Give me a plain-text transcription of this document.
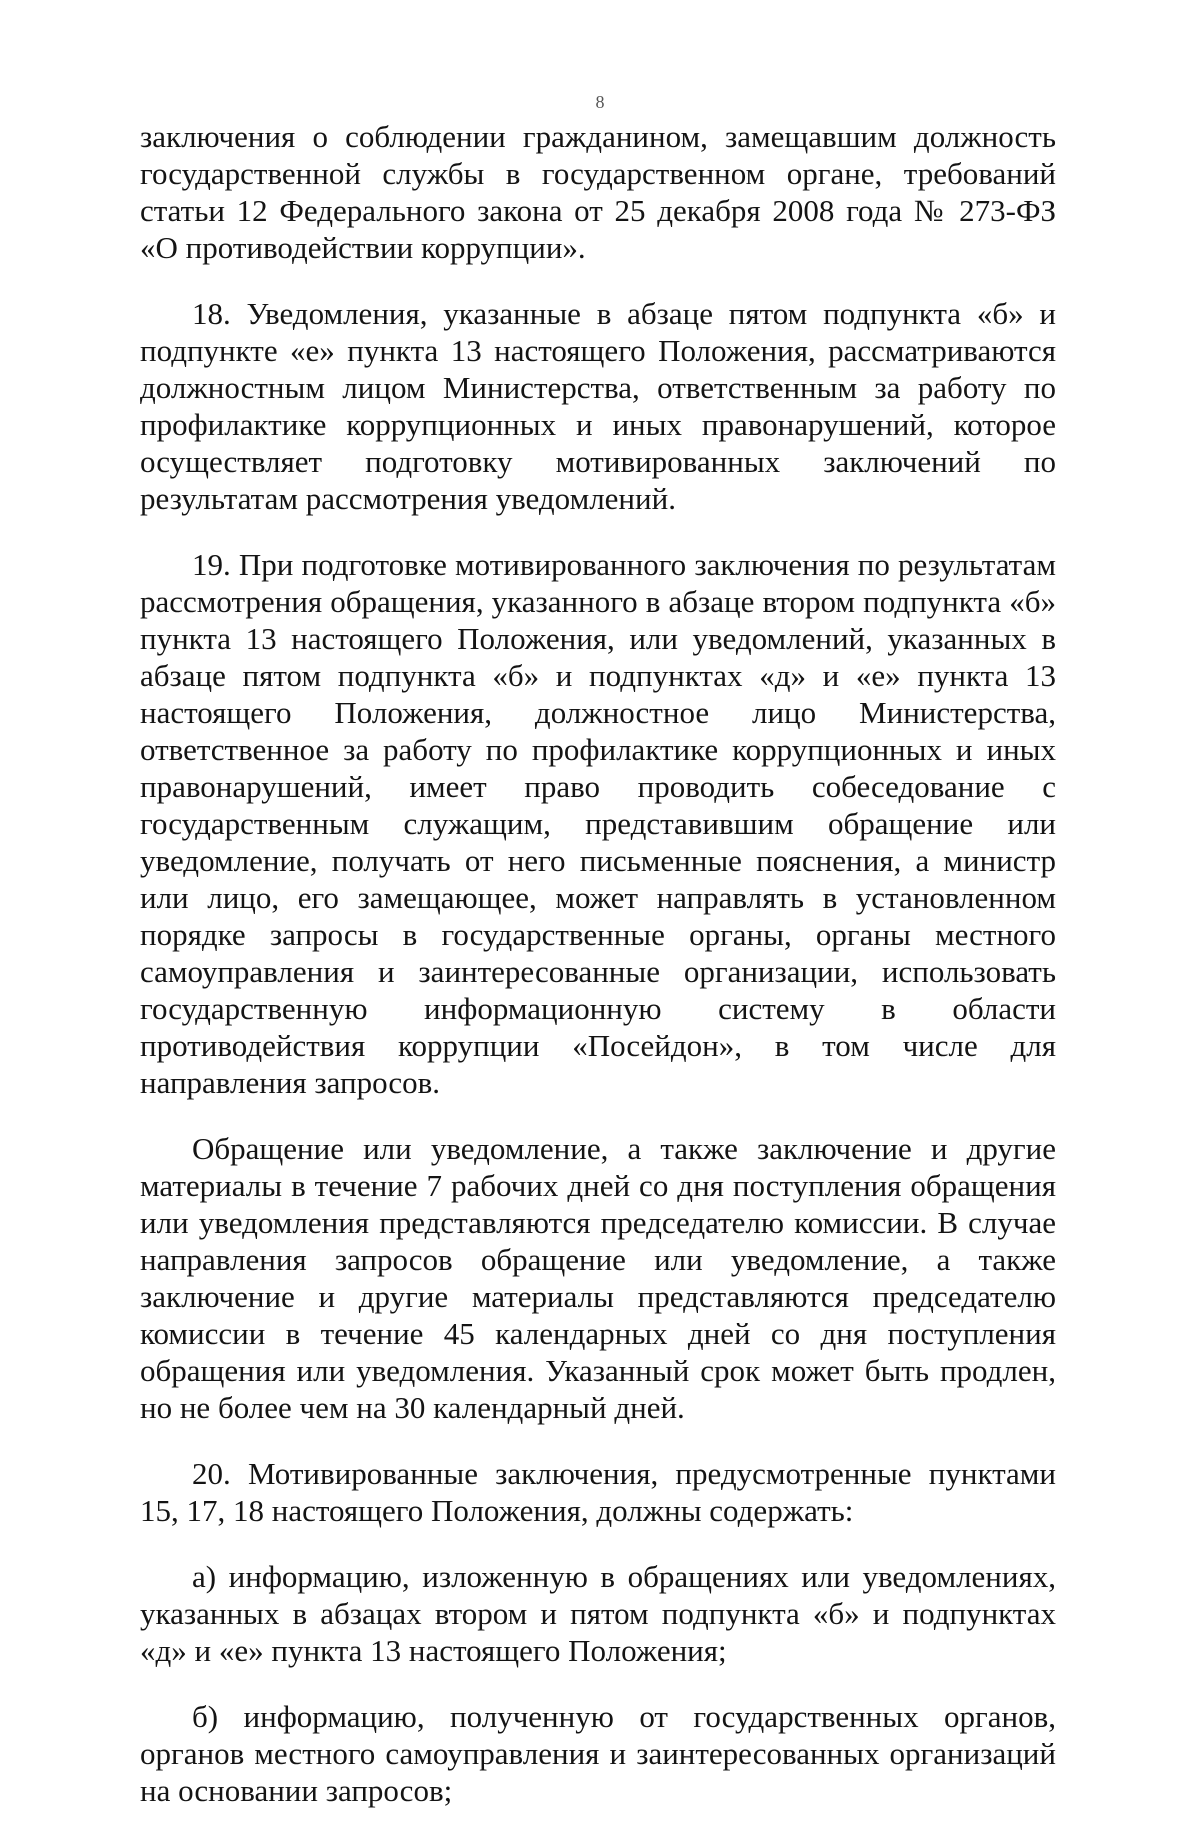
8

заключения о соблюдении гражданином, замещавшим должность государственной службы в государственном органе, требований статьи 12 Федерального закона от 25 декабря 2008 года № 273-ФЗ «О противодействии коррупции».

18. Уведомления, указанные в абзаце пятом подпункта «б» и подпункте «е» пункта 13 настоящего Положения, рассматриваются должностным лицом Министерства, ответственным за работу по профилактике коррупционных и иных правонарушений, которое осуществляет подготовку мотивированных заключений по результатам рассмотрения уведомлений.

19. При подготовке мотивированного заключения по результатам рассмотрения обращения, указанного в абзаце втором подпункта «б» пункта 13 настоящего Положения, или уведомлений, указанных в абзаце пятом подпункта «б» и подпунктах «д» и «е» пункта 13 настоящего Положения, должностное лицо Министерства, ответственное за работу по профилактике коррупционных и иных правонарушений, имеет право проводить собеседование с государственным служащим, представившим обращение или уведомление, получать от него письменные пояснения, а министр или лицо, его замещающее, может направлять в установленном порядке запросы в государственные органы, органы местного самоуправления и заинтересованные организации, использовать государственную информационную систему в области противодействия коррупции «Посейдон», в том числе для направления запросов.

Обращение или уведомление, а также заключение и другие материалы в течение 7 рабочих дней со дня поступления обращения или уведомления представляются председателю комиссии. В случае направления запросов обращение или уведомление, а также заключение и другие материалы представляются председателю комиссии в течение 45 календарных дней со дня поступления обращения или уведомления. Указанный срок может быть продлен, но не более чем на 30 календарный дней.

20. Мотивированные заключения, предусмотренные пунктами 15, 17, 18 настоящего Положения, должны содержать:

а) информацию, изложенную в обращениях или уведомлениях, указанных в абзацах втором и пятом подпункта «б» и подпунктах «д» и «е» пункта 13 настоящего Положения;

б) информацию, полученную от государственных органов, органов местного самоуправления и заинтересованных организаций на основании запросов;
